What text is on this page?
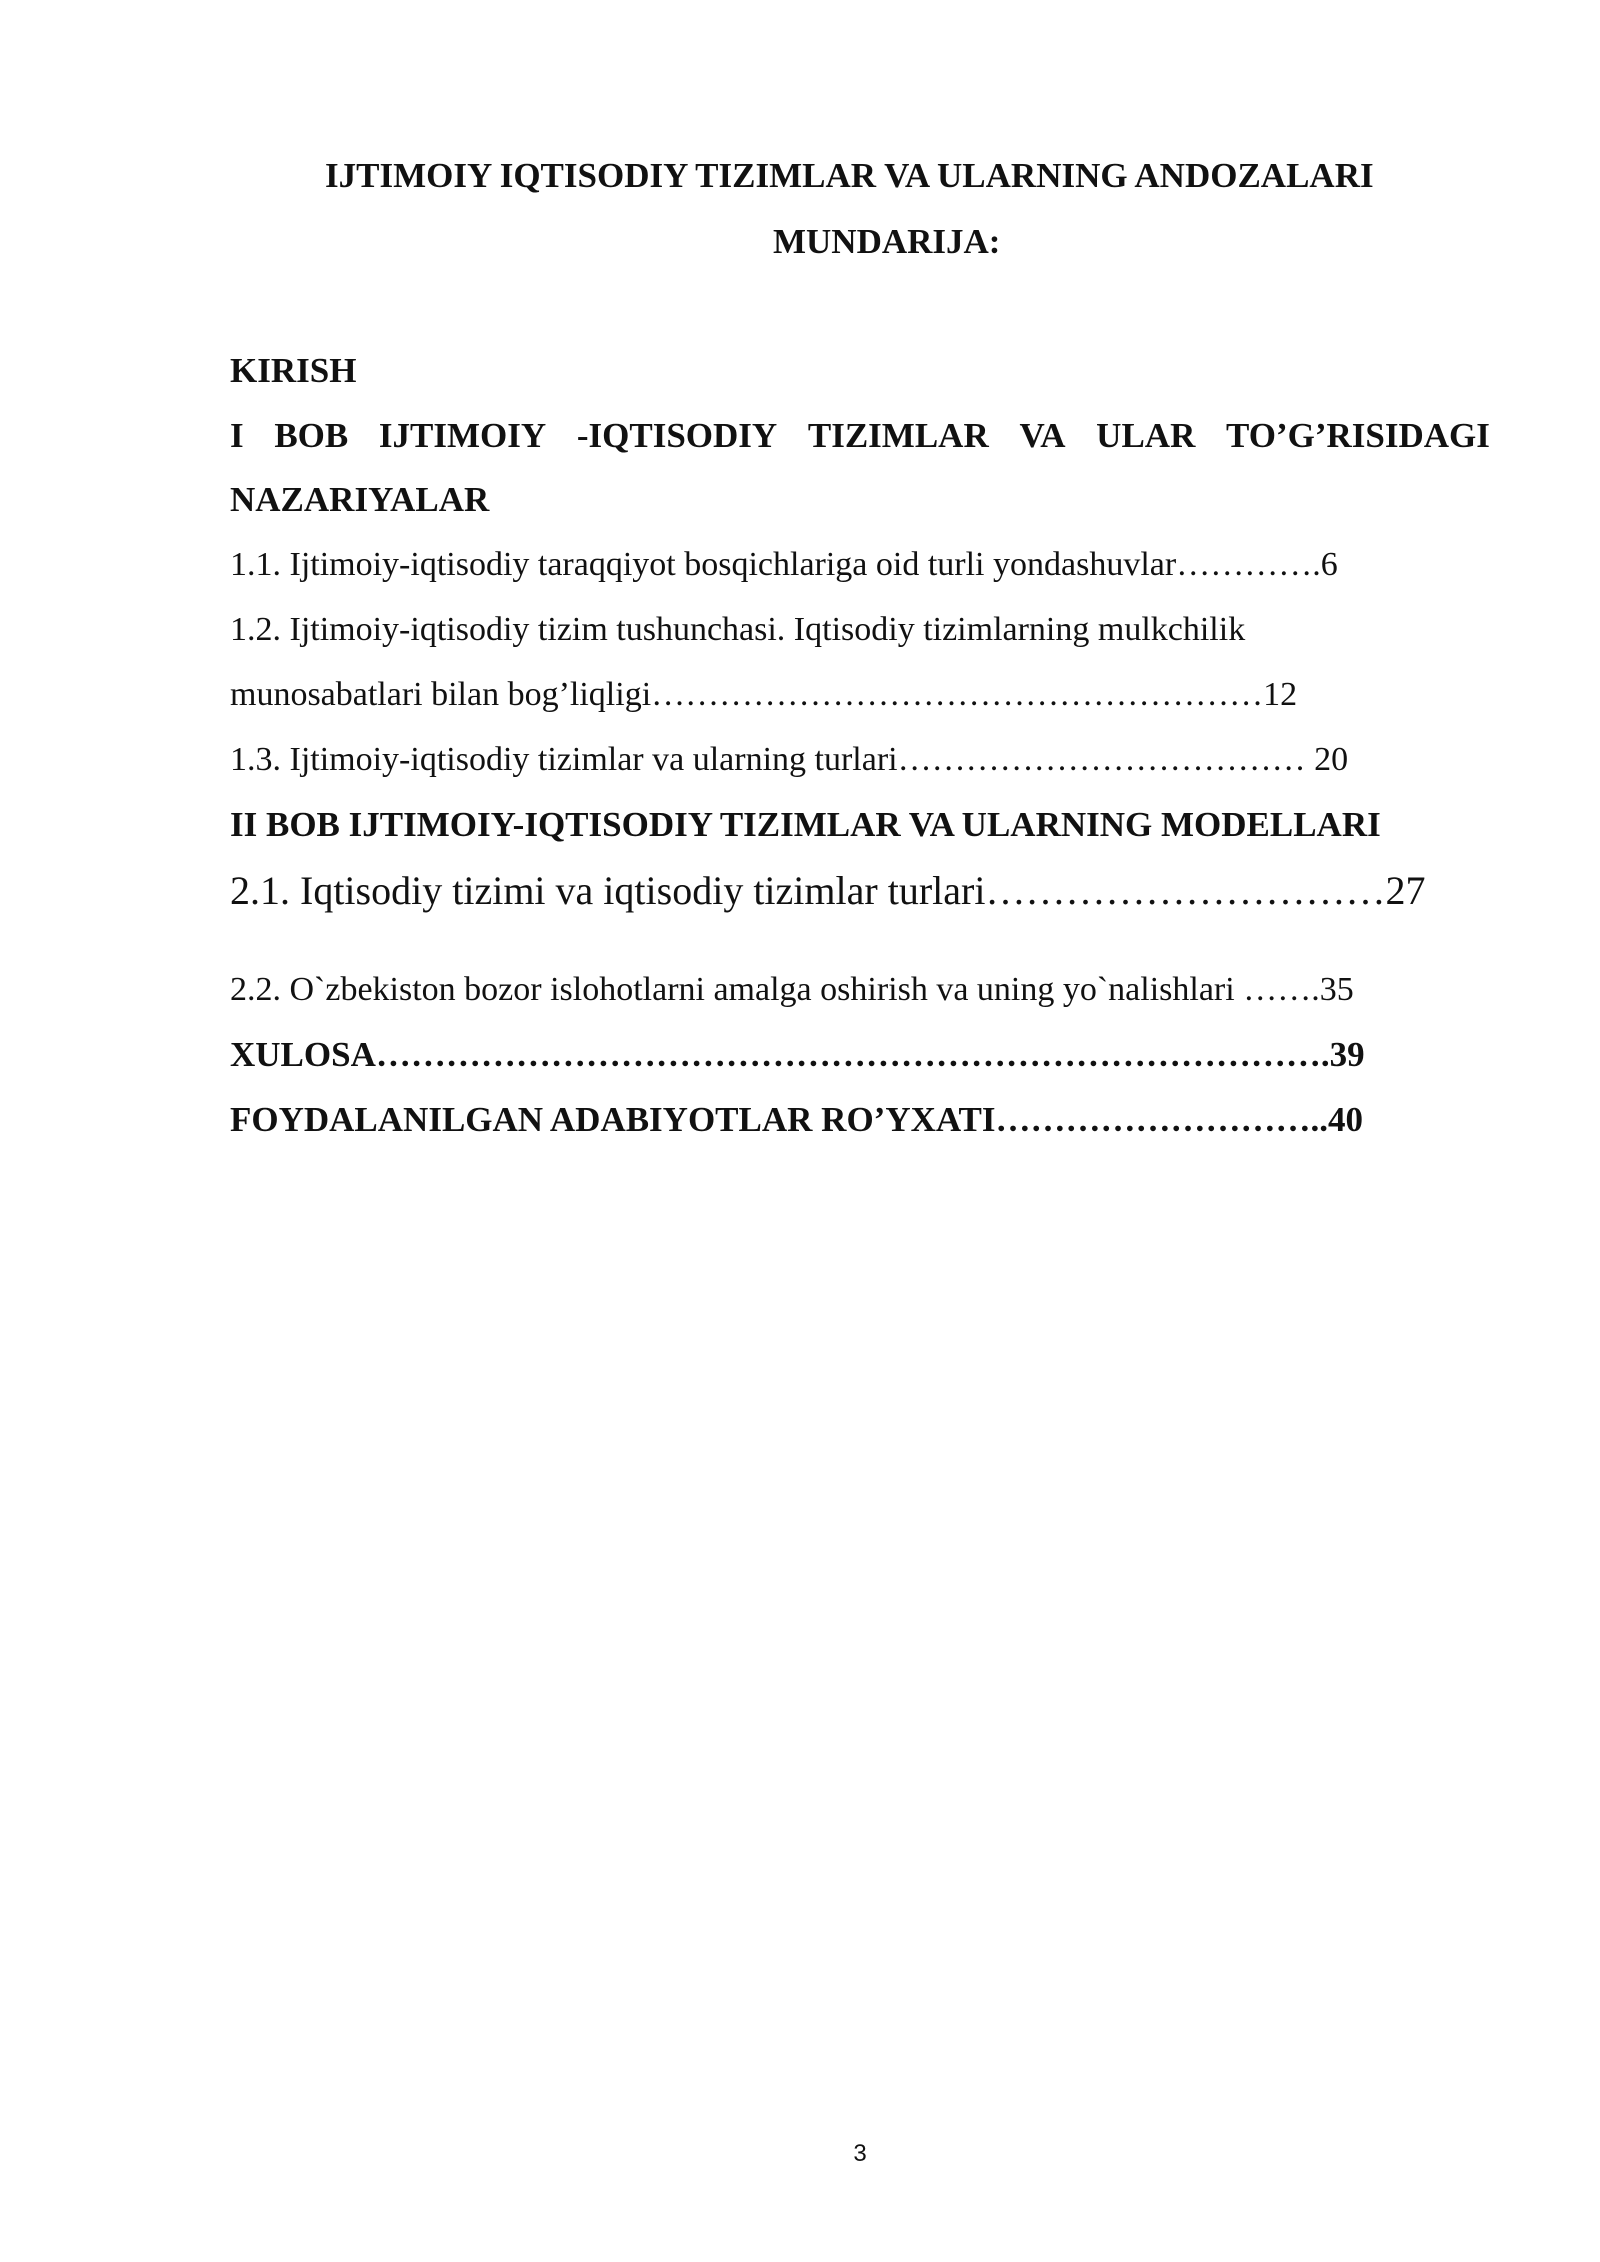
IJTIMOIY IQTISODIY TIZIMLAR VA ULARNING ANDOZALARI
MUNDARIJA:
KIRISH
I BOB IJTIMOIY -IQTISODIY TIZIMLAR VA ULAR TO’G’RISIDAGI
NAZARIYALAR
1.1. Ijtimoiy-iqtisodiy taraqqiyot bosqichlariga oid turli yondashuvlar………….6
1.2. Ijtimoiy-iqtisodiy tizim tushunchasi. Iqtisodiy tizimlarning mulkchilik
munosabatlari bilan bog’liqligi………………………………………………12
1.3. Ijtimoiy-iqtisodiy tizimlar va ularning turlari……………………………… 20
II BOB IJTIMOIY-IQTISODIY TIZIMLAR VA ULARNING MODELLARI
2.1. Iqtisodiy tizimi va iqtisodiy tizimlar turlari…………………………27
2.2. O`zbekiston bozor islohotlarni amalga oshirish va uning yo`nalishlari …….35
XULOSA……………………………………………………………………….39
FOYDALANILGAN ADABIYOTLAR RO’YXATI………………………..40
3
